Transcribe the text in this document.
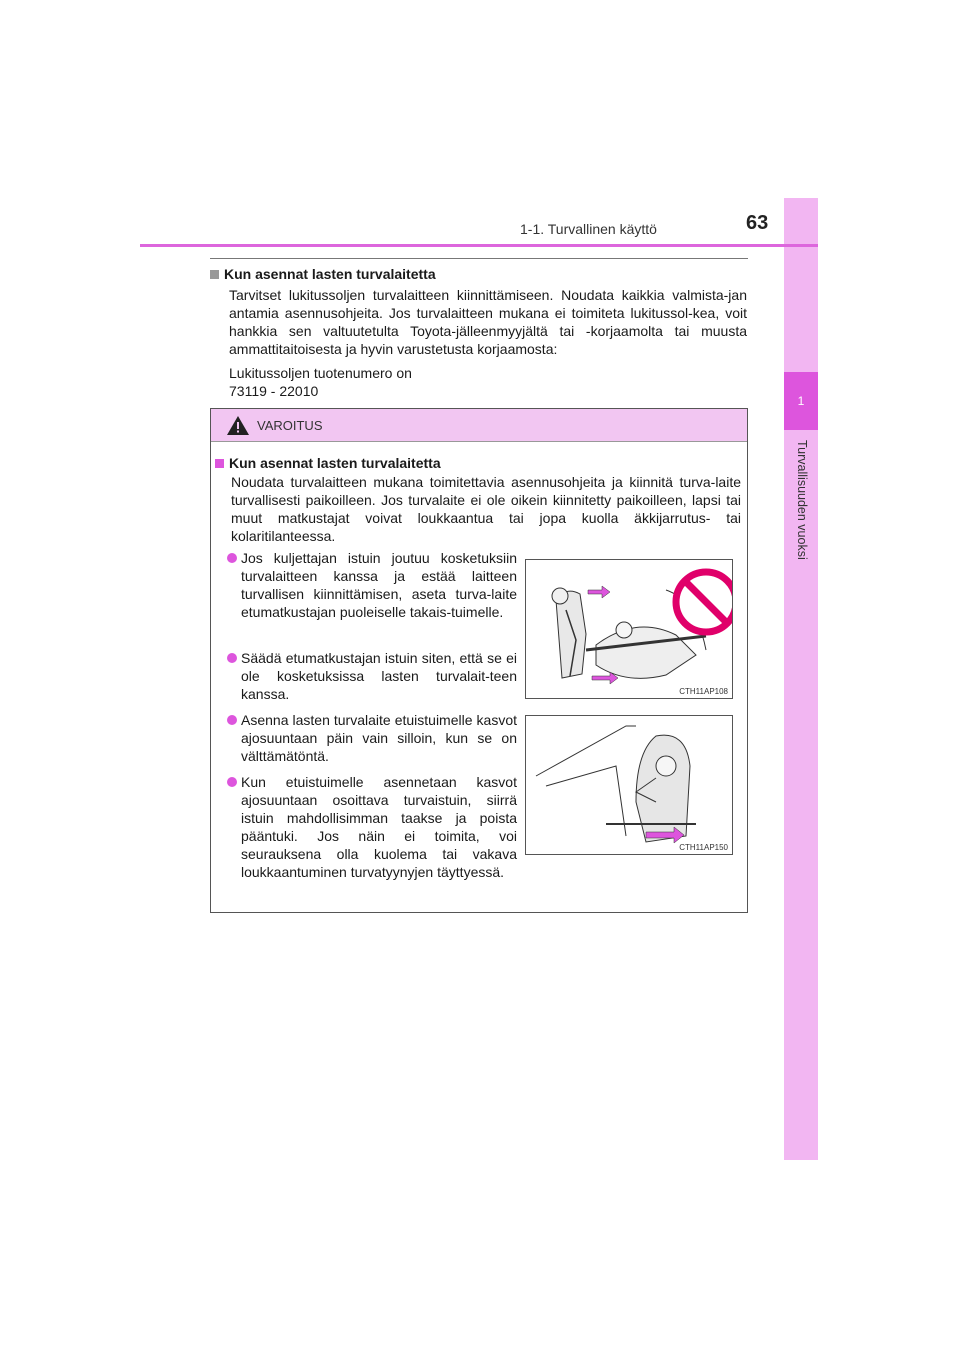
1
Turvallisuuden vuoksi
1-1. Turvallinen käyttö	63
Kun asennat lasten turvalaitetta
Tarvitset lukitussoljen turvalaitteen kiinnittämiseen. Noudata kaikkia valmista-jan antamia asennusohjeita. Jos turvalaitteen mukana ei toimiteta lukitussol-kea, voit hankkia sen valtuutetulta Toyota-jälleenmyyjältä tai -korjaamolta tai muusta ammattitaitoisesta ja hyvin varustetusta korjaamosta:
Lukitussoljen tuotenumero on
73119 - 22010
VAROITUS
Kun asennat lasten turvalaitetta
Noudata turvalaitteen mukana toimitettavia asennusohjeita ja kiinnitä turva-laite turvallisesti paikoilleen. Jos turvalaite ei ole oikein kiinnitetty paikoilleen, lapsi tai muut matkustajat voivat loukkaantua tai jopa kuolla äkkijarrutus- tai kolaritilanteessa.
Jos kuljettajan istuin joutuu kosketuksiin turvalaitteen kanssa ja estää laitteen turvallisen kiinnittämisen, aseta turva-laite etumatkustajan puoleiselle takais-tuimelle.
Säädä etumatkustajan istuin siten, että se ei ole kosketuksissa lasten turvalait-teen kanssa.
Asenna lasten turvalaite etuistuimelle kasvot ajosuuntaan päin vain silloin, kun se on välttämätöntä.
Kun etuistuimelle asennetaan kasvot ajosuuntaan osoittava turvaistuin, siirrä istuin mahdollisimman taakse ja poista pääntuki. Jos näin ei toimita, voi seurauksena olla kuolema tai vakava loukkaantuminen turvatyynyjen täyttyessä.
CTH11AP108
CTH11AP150
